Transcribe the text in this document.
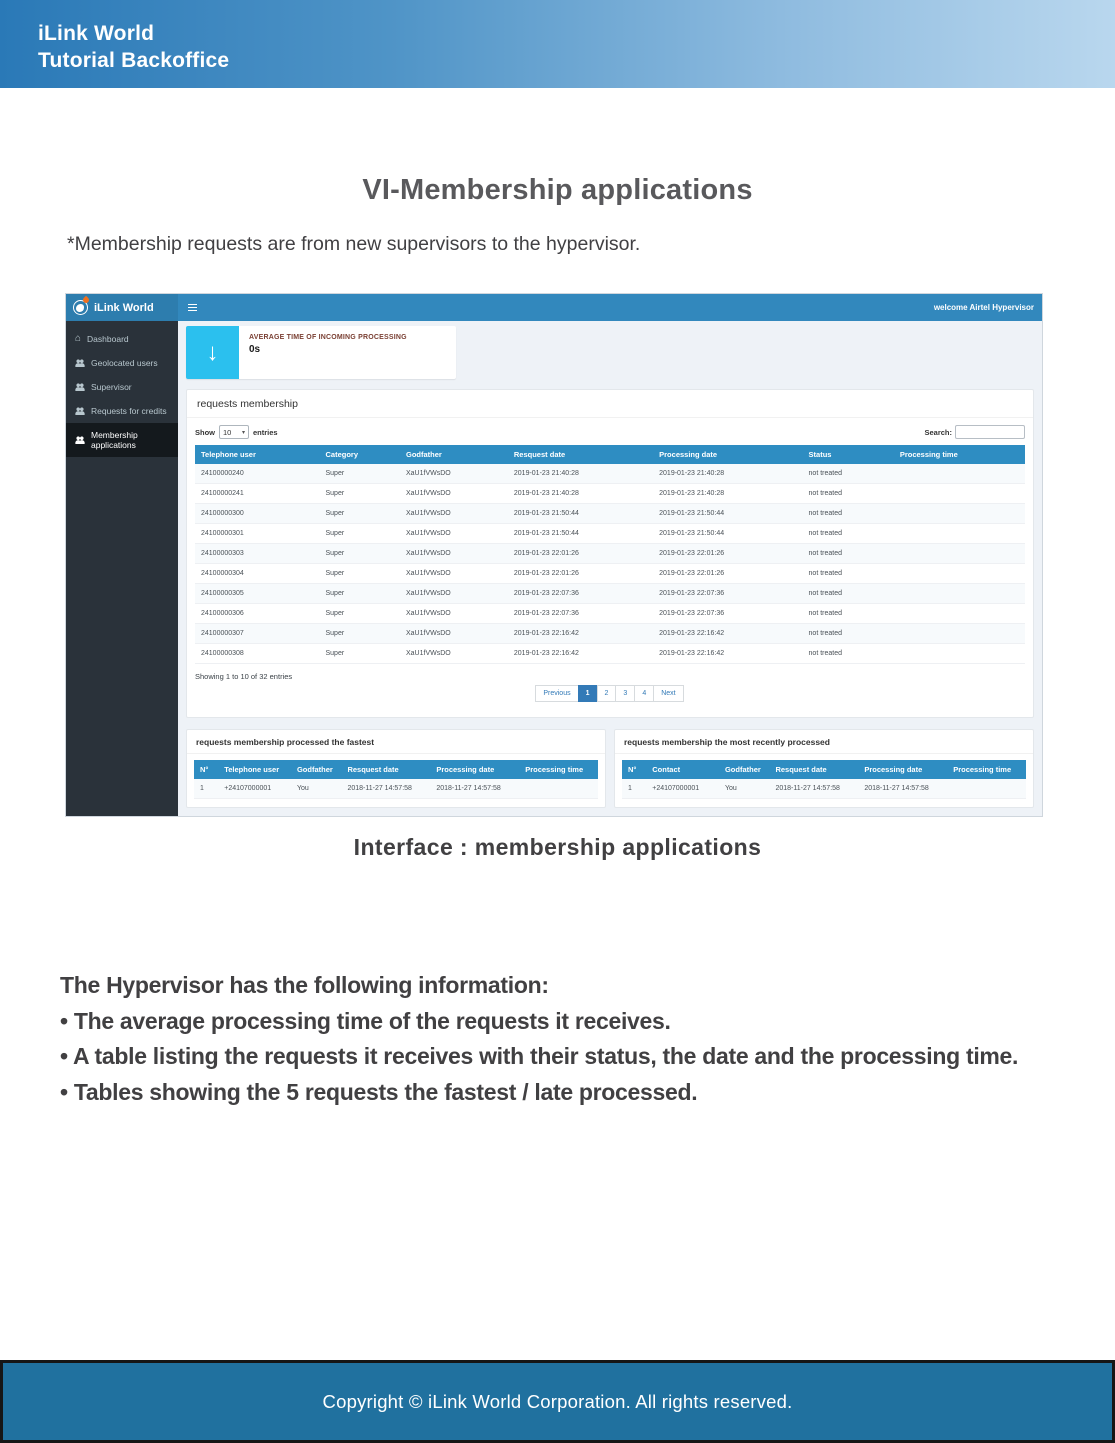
iLink World
Tutorial Backoffice
VI-Membership applications

*Membership requests are from new supervisors to the hypervisor.

iLink World	welcome Airtel Hypervisor
⌂ Dashboard
Geolocated users
Supervisor
Requests for credits
Membership applications
↓
AVERAGE TIME OF INCOMING PROCESSING
0s
requests membership
Show 10 ▾ entries	Search:
Telephone user	Category	Godfather	Resquest date	Processing date	Status	Processing time
24100000240	Super	XaU1fVWsDO	2019-01-23 21:40:28	2019-01-23 21:40:28	not treated	
24100000241	Super	XaU1fVWsDO	2019-01-23 21:40:28	2019-01-23 21:40:28	not treated	
24100000300	Super	XaU1fVWsDO	2019-01-23 21:50:44	2019-01-23 21:50:44	not treated	
24100000301	Super	XaU1fVWsDO	2019-01-23 21:50:44	2019-01-23 21:50:44	not treated	
24100000303	Super	XaU1fVWsDO	2019-01-23 22:01:26	2019-01-23 22:01:26	not treated	
24100000304	Super	XaU1fVWsDO	2019-01-23 22:01:26	2019-01-23 22:01:26	not treated	
24100000305	Super	XaU1fVWsDO	2019-01-23 22:07:36	2019-01-23 22:07:36	not treated	
24100000306	Super	XaU1fVWsDO	2019-01-23 22:07:36	2019-01-23 22:07:36	not treated	
24100000307	Super	XaU1fVWsDO	2019-01-23 22:16:42	2019-01-23 22:16:42	not treated	
24100000308	Super	XaU1fVWsDO	2019-01-23 22:16:42	2019-01-23 22:16:42	not treated	
Showing 1 to 10 of 32 entries
Previous 1 2 3 4 Next
requests membership processed the fastest
N°	Telephone user	Godfather	Resquest date	Processing date	Processing time
1	+24107000001	You	2018-11-27 14:57:58	2018-11-27 14:57:58	
requests membership the most recently processed
N°	Contact	Godfather	Resquest date	Processing date	Processing time
1	+24107000001	You	2018-11-27 14:57:58	2018-11-27 14:57:58	
Interface : membership applications
The Hypervisor has the following information:
• The average processing time of the requests it receives.
• A table listing the requests it receives with their status, the date and the processing time.
• Tables showing the 5 requests the fastest / late processed.
Copyright © iLink World Corporation. All rights reserved.
